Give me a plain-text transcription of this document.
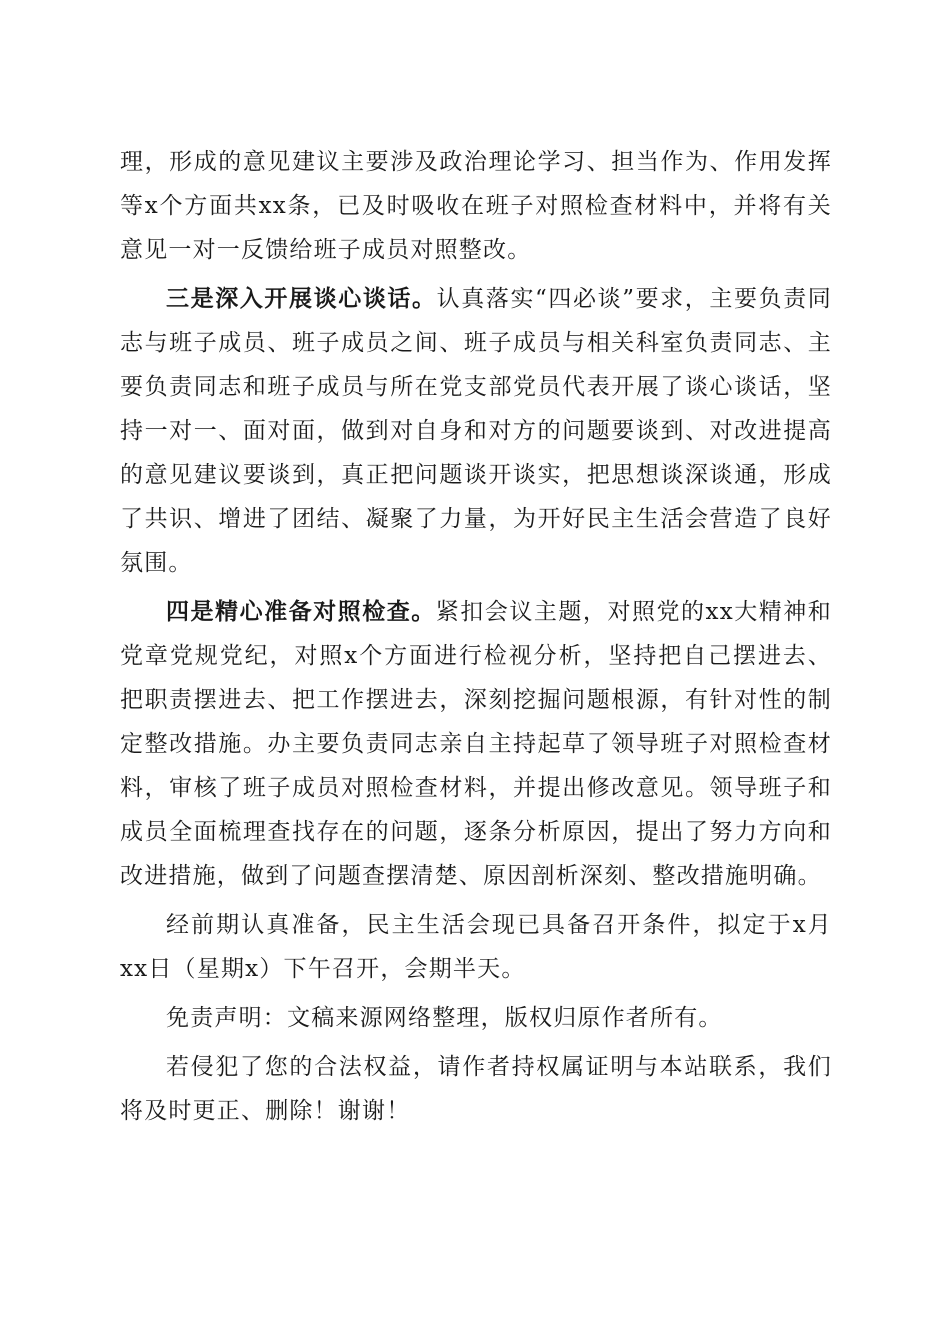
理，形成的意见建议主要涉及政治理论学习、担当作为、作用发挥等x个方面共xx条，已及时吸收在班子对照检查材料中，并将有关意见一对一反馈给班子成员对照整改。

三是深入开展谈心谈话。认真落实“四必谈”要求，主要负责同志与班子成员、班子成员之间、班子成员与相关科室负责同志、主要负责同志和班子成员与所在党支部党员代表开展了谈心谈话，坚持一对一、面对面，做到对自身和对方的问题要谈到、对改进提高的意见建议要谈到，真正把问题谈开谈实，把思想谈深谈通，形成了共识、增进了团结、凝聚了力量，为开好民主生活会营造了良好氛围。

四是精心准备对照检查。紧扣会议主题，对照党的xx大精神和党章党规党纪，对照x个方面进行检视分析，坚持把自己摆进去、把职责摆进去、把工作摆进去，深刻挖掘问题根源，有针对性的制定整改措施。办主要负责同志亲自主持起草了领导班子对照检查材料，审核了班子成员对照检查材料，并提出修改意见。领导班子和成员全面梳理查找存在的问题，逐条分析原因，提出了努力方向和改进措施，做到了问题查摆清楚、原因剖析深刻、整改措施明确。

经前期认真准备，民主生活会现已具备召开条件，拟定于x月xx日（星期x）下午召开，会期半天。

免责声明：文稿来源网络整理，版权归原作者所有。

若侵犯了您的合法权益，请作者持权属证明与本站联系，我们将及时更正、删除！谢谢！
